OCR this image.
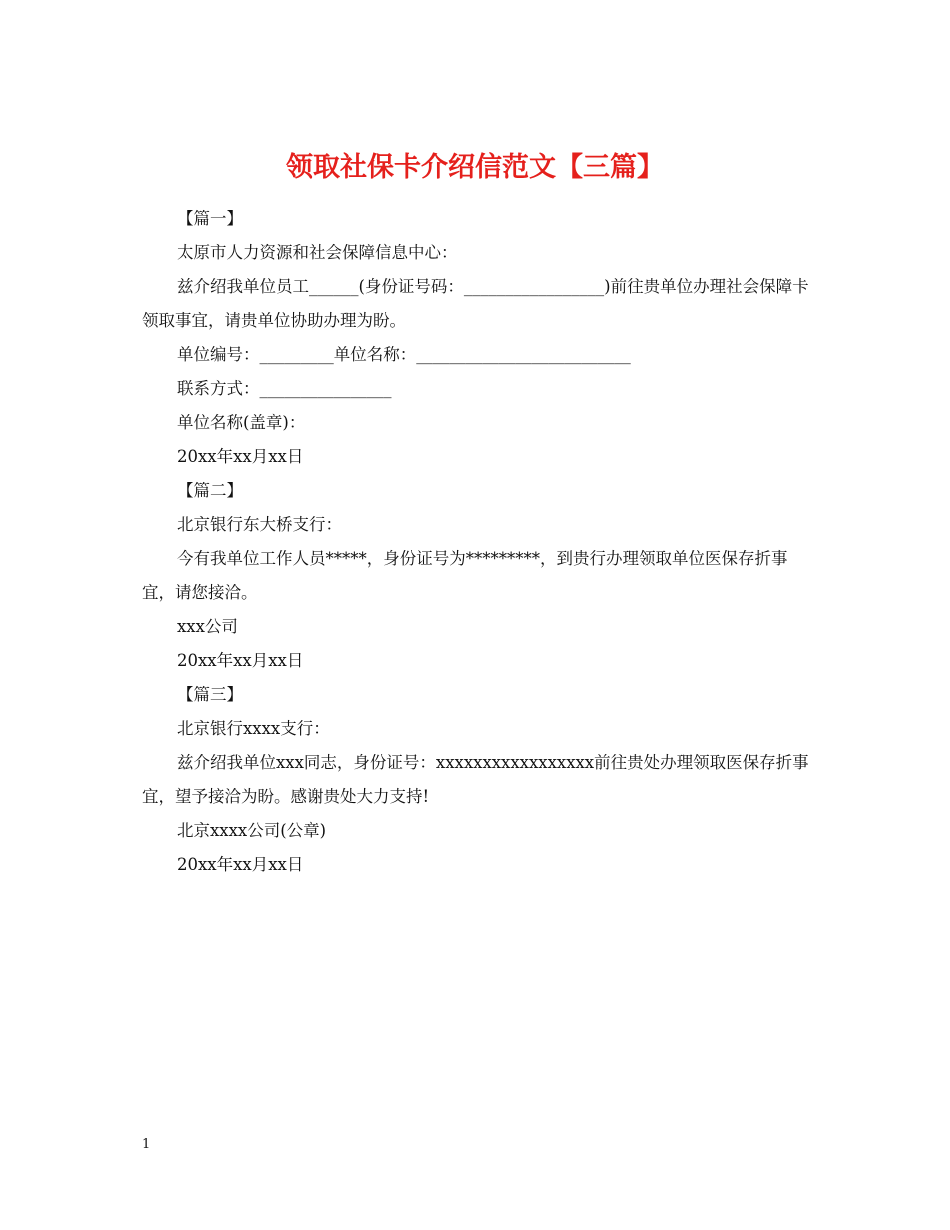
领取社保卡介绍信范文【三篇】
【篇一】
太原市人力资源和社会保障信息中心：
兹介绍我单位员工______(身份证号码：_________________)前往贵单位办理社会保障卡领取事宜，请贵单位协助办理为盼。
单位编号：_________单位名称：__________________________
联系方式：________________
单位名称(盖章)：
20xx年xx月xx日
【篇二】
北京银行东大桥支行：
今有我单位工作人员*****，身份证号为*********，到贵行办理领取单位医保存折事宜，请您接洽。
xxx公司
20xx年xx月xx日
【篇三】
北京银行xxxx支行：
兹介绍我单位xxx同志，身份证号：xxxxxxxxxxxxxxxxx前往贵处办理领取医保存折事宜，望予接洽为盼。感谢贵处大力支持!
北京xxxx公司(公章)
20xx年xx月xx日
1
